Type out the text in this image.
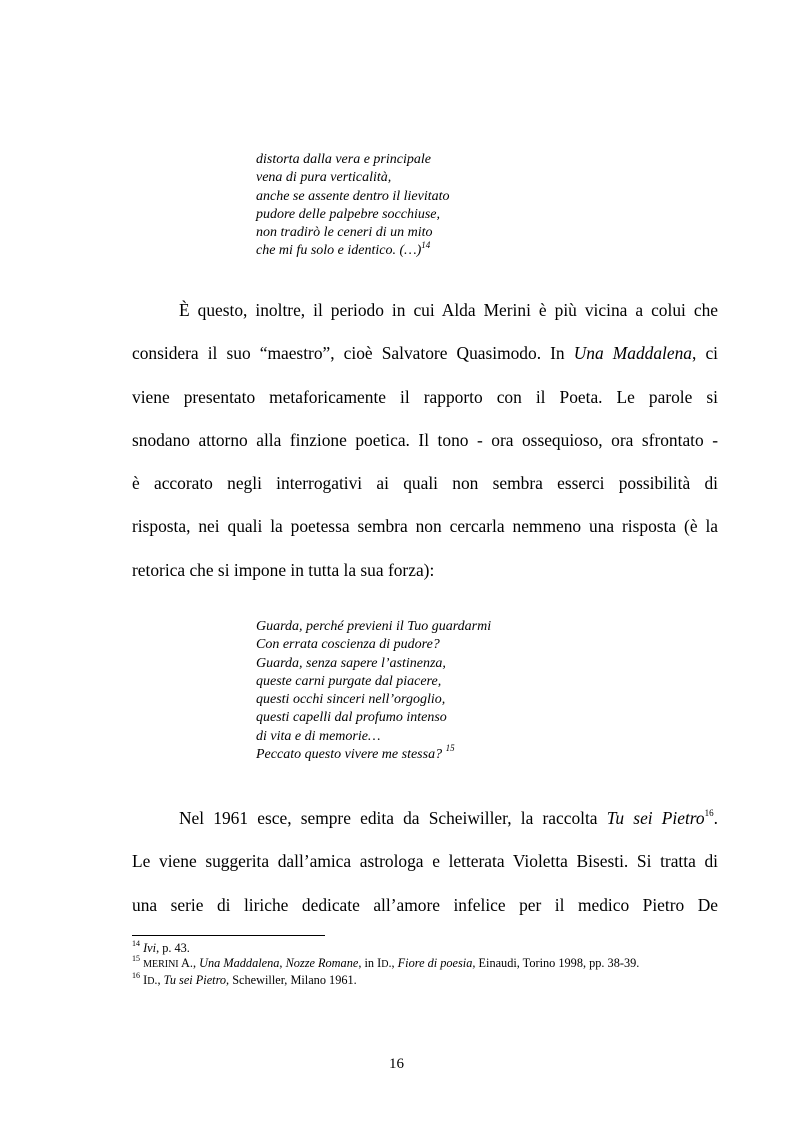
distorta dalla vera e principale
vena di pura verticalità,
anche se assente dentro il lievitato
pudore delle palpebre socchiuse,
non tradirò le ceneri di un mito
che mi fu solo e identico. (…)$^{14}$
È questo, inoltre, il periodo in cui Alda Merini è più vicina a colui che
considera il suo “maestro”, cioè Salvatore Quasimodo. In Una Maddalena, ci
viene presentato metaforicamente il rapporto con il Poeta. Le parole si
snodano attorno alla finzione poetica. Il tono - ora ossequioso, ora sfrontato -
è accorato negli interrogativi ai quali non sembra esserci possibilità di
risposta, nei quali la poetessa sembra non cercarla nemmeno una risposta (è la
retorica che si impone in tutta la sua forza):
Guarda, perché previeni il Tuo guardarmi
Con errata coscienza di pudore?
Guarda, senza sapere l’astinenza,
queste carni purgate dal piacere,
questi occhi sinceri nell’orgoglio,
questi capelli dal profumo intenso
di vita e di memorie…
Peccato questo vivere me stessa? $^{15}$
Nel 1961 esce, sempre edita da Scheiwiller, la raccolta Tu sei Pietro$^{16}$.
Le viene suggerita dall’amica astrologa e letterata Violetta Bisesti. Si tratta di
una serie di liriche dedicate all’amore infelice per il medico Pietro De
$^{14}$ Ivi, p. 43.
$^{15}$ MERINI A., Una Maddalena, Nozze Romane, in ID., Fiore di poesia, Einaudi, Torino 1998, pp. 38-39.
$^{16}$ ID., Tu sei Pietro, Schewiller, Milano 1961.
16
